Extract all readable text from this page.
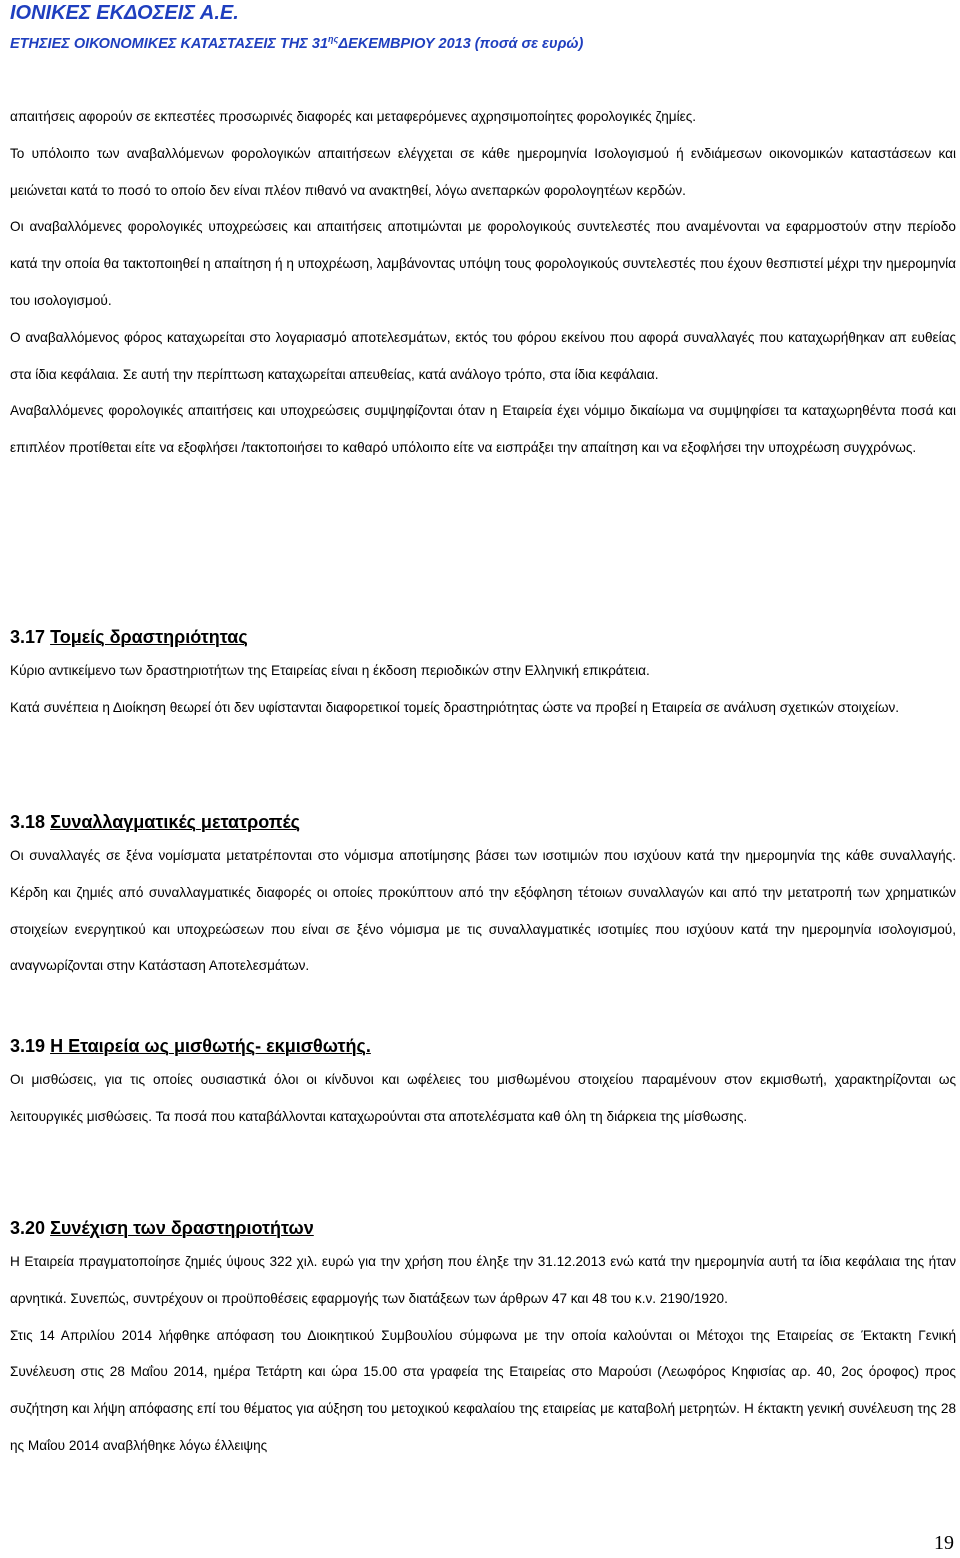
ΙΟΝΙΚΕΣ ΕΚΔΟΣΕΙΣ Α.Ε.
ΕΤΗΣΙΕΣ ΟΙΚΟΝΟΜΙΚΕΣ ΚΑΤΑΣΤΑΣΕΙΣ ΤΗΣ $31^{\eta\varsigma}\Delta EKEMBPIO\Upsilon$ 2013 (ποσά σε ευρώ)

απαιτήσεις αφορούν σε εκπεστέες προσωρινές διαφορές και μεταφερόμενες αχρησιμοποίητες φορολογικές ζημίες.

Το υπόλοιπο των αναβαλλόμενων φορολογικών απαιτήσεων ελέγχεται σε κάθε ημερομηνία Ισολογισμού ή ενδιάμεσων οικονομικών καταστάσεων και μειώνεται κατά το ποσό το οποίο δεν είναι πλέον πιθανό να ανακτηθεί, λόγω ανεπαρκών φορολογητέων κερδών.

Οι αναβαλλόμενες φορολογικές υποχρεώσεις και απαιτήσεις αποτιμώνται με φορολογικούς συντελεστές που αναμένονται να εφαρμοστούν στην περίοδο κατά την οποία θα τακτοποιηθεί η απαίτηση ή η υποχρέωση, λαμβάνοντας υπόψη τους φορολογικούς συντελεστές που έχουν θεσπιστεί μέχρι την ημερομηνία του ισολογισμού.

Ο αναβαλλόμενος φόρος καταχωρείται στο λογαριασμό αποτελεσμάτων, εκτός του φόρου εκείνου που αφορά συναλλαγές που καταχωρήθηκαν απ ευθείας στα ίδια κεφάλαια. Σε αυτή την περίπτωση καταχωρείται απευθείας, κατά ανάλογο τρόπο, στα ίδια κεφάλαια.

Αναβαλλόμενες φορολογικές απαιτήσεις και υποχρεώσεις συμψηφίζονται όταν η Εταιρεία έχει νόμιμο δικαίωμα να συμψηφίσει τα καταχωρηθέντα ποσά και επιπλέον προτίθεται είτε να εξοφλήσει /τακτοποιήσει το καθαρό υπόλοιπο είτε να εισπράξει την απαίτηση και να εξοφλήσει την υποχρέωση συγχρόνως.

3.17 Τομείς δραστηριότητας

Κύριο αντικείμενο των δραστηριοτήτων της Εταιρείας είναι η έκδοση περιοδικών στην Ελληνική επικράτεια.

Κατά συνέπεια η Διοίκηση θεωρεί ότι δεν υφίστανται διαφορετικοί τομείς δραστηριότητας ώστε να προβεί η Εταιρεία σε ανάλυση σχετικών στοιχείων.

3.18 Συναλλαγματικές μετατροπές

Οι συναλλαγές σε ξένα νομίσματα μετατρέπονται στο νόμισμα αποτίμησης βάσει των ισοτιμιών που ισχύουν κατά την ημερομηνία της κάθε συναλλαγής. Κέρδη και ζημιές από συναλλαγματικές διαφορές οι οποίες προκύπτουν από την εξόφληση τέτοιων συναλλαγών και από την μετατροπή των χρηματικών στοιχείων ενεργητικού και υποχρεώσεων που είναι σε ξένο νόμισμα με τις συναλλαγματικές ισοτιμίες που ισχύουν κατά την ημερομηνία ισολογισμού, αναγνωρίζονται στην Κατάσταση Αποτελεσμάτων.

3.19 Η Εταιρεία ως μισθωτής- εκμισθωτής.

Οι μισθώσεις, για τις οποίες ουσιαστικά όλοι οι κίνδυνοι και ωφέλειες του μισθωμένου στοιχείου παραμένουν στον εκμισθωτή, χαρακτηρίζονται ως λειτουργικές μισθώσεις. Τα ποσά που καταβάλλονται καταχωρούνται στα αποτελέσματα καθ όλη τη διάρκεια της μίσθωσης.

3.20 Συνέχιση των δραστηριοτήτων

Η Εταιρεία πραγματοποίησε ζημιές ύψους 322 χιλ. ευρώ για την χρήση που έληξε την 31.12.2013 ενώ κατά την ημερομηνία αυτή τα ίδια κεφάλαια της ήταν αρνητικά. Συνεπώς, συντρέχουν οι προϋποθέσεις εφαρμογής των διατάξεων των άρθρων 47 και 48 του κ.ν. 2190/1920.

Στις 14 Απριλίου 2014 λήφθηκε απόφαση του Διοικητικού Συμβουλίου σύμφωνα με την οποία καλούνται οι Μέτοχοι της Εταιρείας σε Έκτακτη Γενική Συνέλευση στις 28 Μαΐου 2014, ημέρα Τετάρτη και ώρα 15.00 στα γραφεία της Εταιρείας στο Μαρούσι (Λεωφόρος Κηφισίας αρ. 40, 2ος όροφος) προς συζήτηση και λήψη απόφασης επί του θέματος για αύξηση του μετοχικού κεφαλαίου της εταιρείας με καταβολή μετρητών. Η έκτακτη γενική συνέλευση της 28 ης Μαΐου 2014 αναβλήθηκε λόγω έλλειψης

19
